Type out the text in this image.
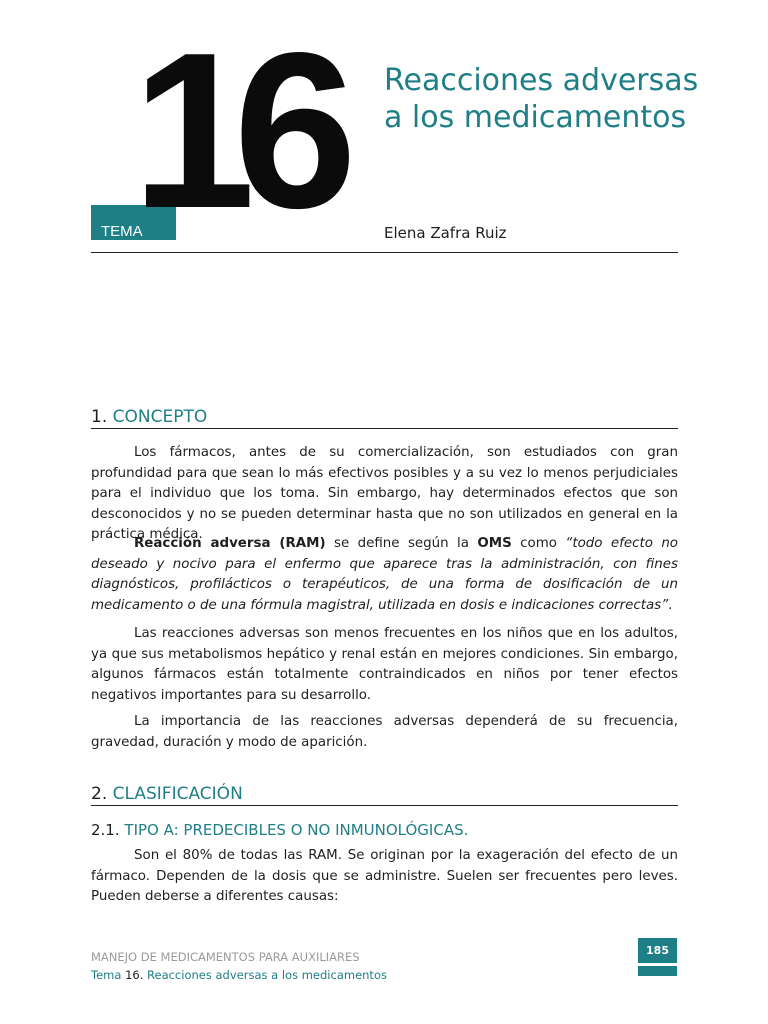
TEMA
16	Reacciones adversas a los medicamentos
Elena Zafra Ruiz
1. CONCEPTO

Los fármacos, antes de su comercialización, son estudiados con gran profundidad para que sean lo más efectivos posibles y a su vez lo menos perjudiciales para el individuo que los toma. Sin embargo, hay determinados efectos que son desconocidos y no se pueden determinar hasta que no son utilizados en general en la práctica médica.

Reacción adversa (RAM) se define según la OMS como “todo efecto no deseado y nocivo para el enfermo que aparece tras la administración, con fines diagnósticos, profilácticos o terapéuticos, de una forma de dosificación de un medicamento o de una fórmula magistral, utilizada en dosis e indicaciones correctas”.

Las reacciones adversas son menos frecuentes en los niños que en los adultos, ya que sus metabolismos hepático y renal están en mejores condiciones. Sin embargo, algunos fármacos están totalmente contraindicados en niños por tener efectos negativos importantes para su desarrollo.

La importancia de las reacciones adversas dependerá de su frecuencia, gravedad, duración y modo de aparición.

2. CLASIFICACIÓN
2.1. TIPO A: PREDECIBLES O NO INMUNOLÓGICAS.

Son el 80% de todas las RAM. Se originan por la exageración del efecto de un fármaco. Dependen de la dosis que se administre. Suelen ser frecuentes pero leves. Pueden deberse a diferentes causas:

MANEJO DE MEDICAMENTOS PARA AUXILIARES
Tema 16. Reacciones adversas a los medicamentos
185
